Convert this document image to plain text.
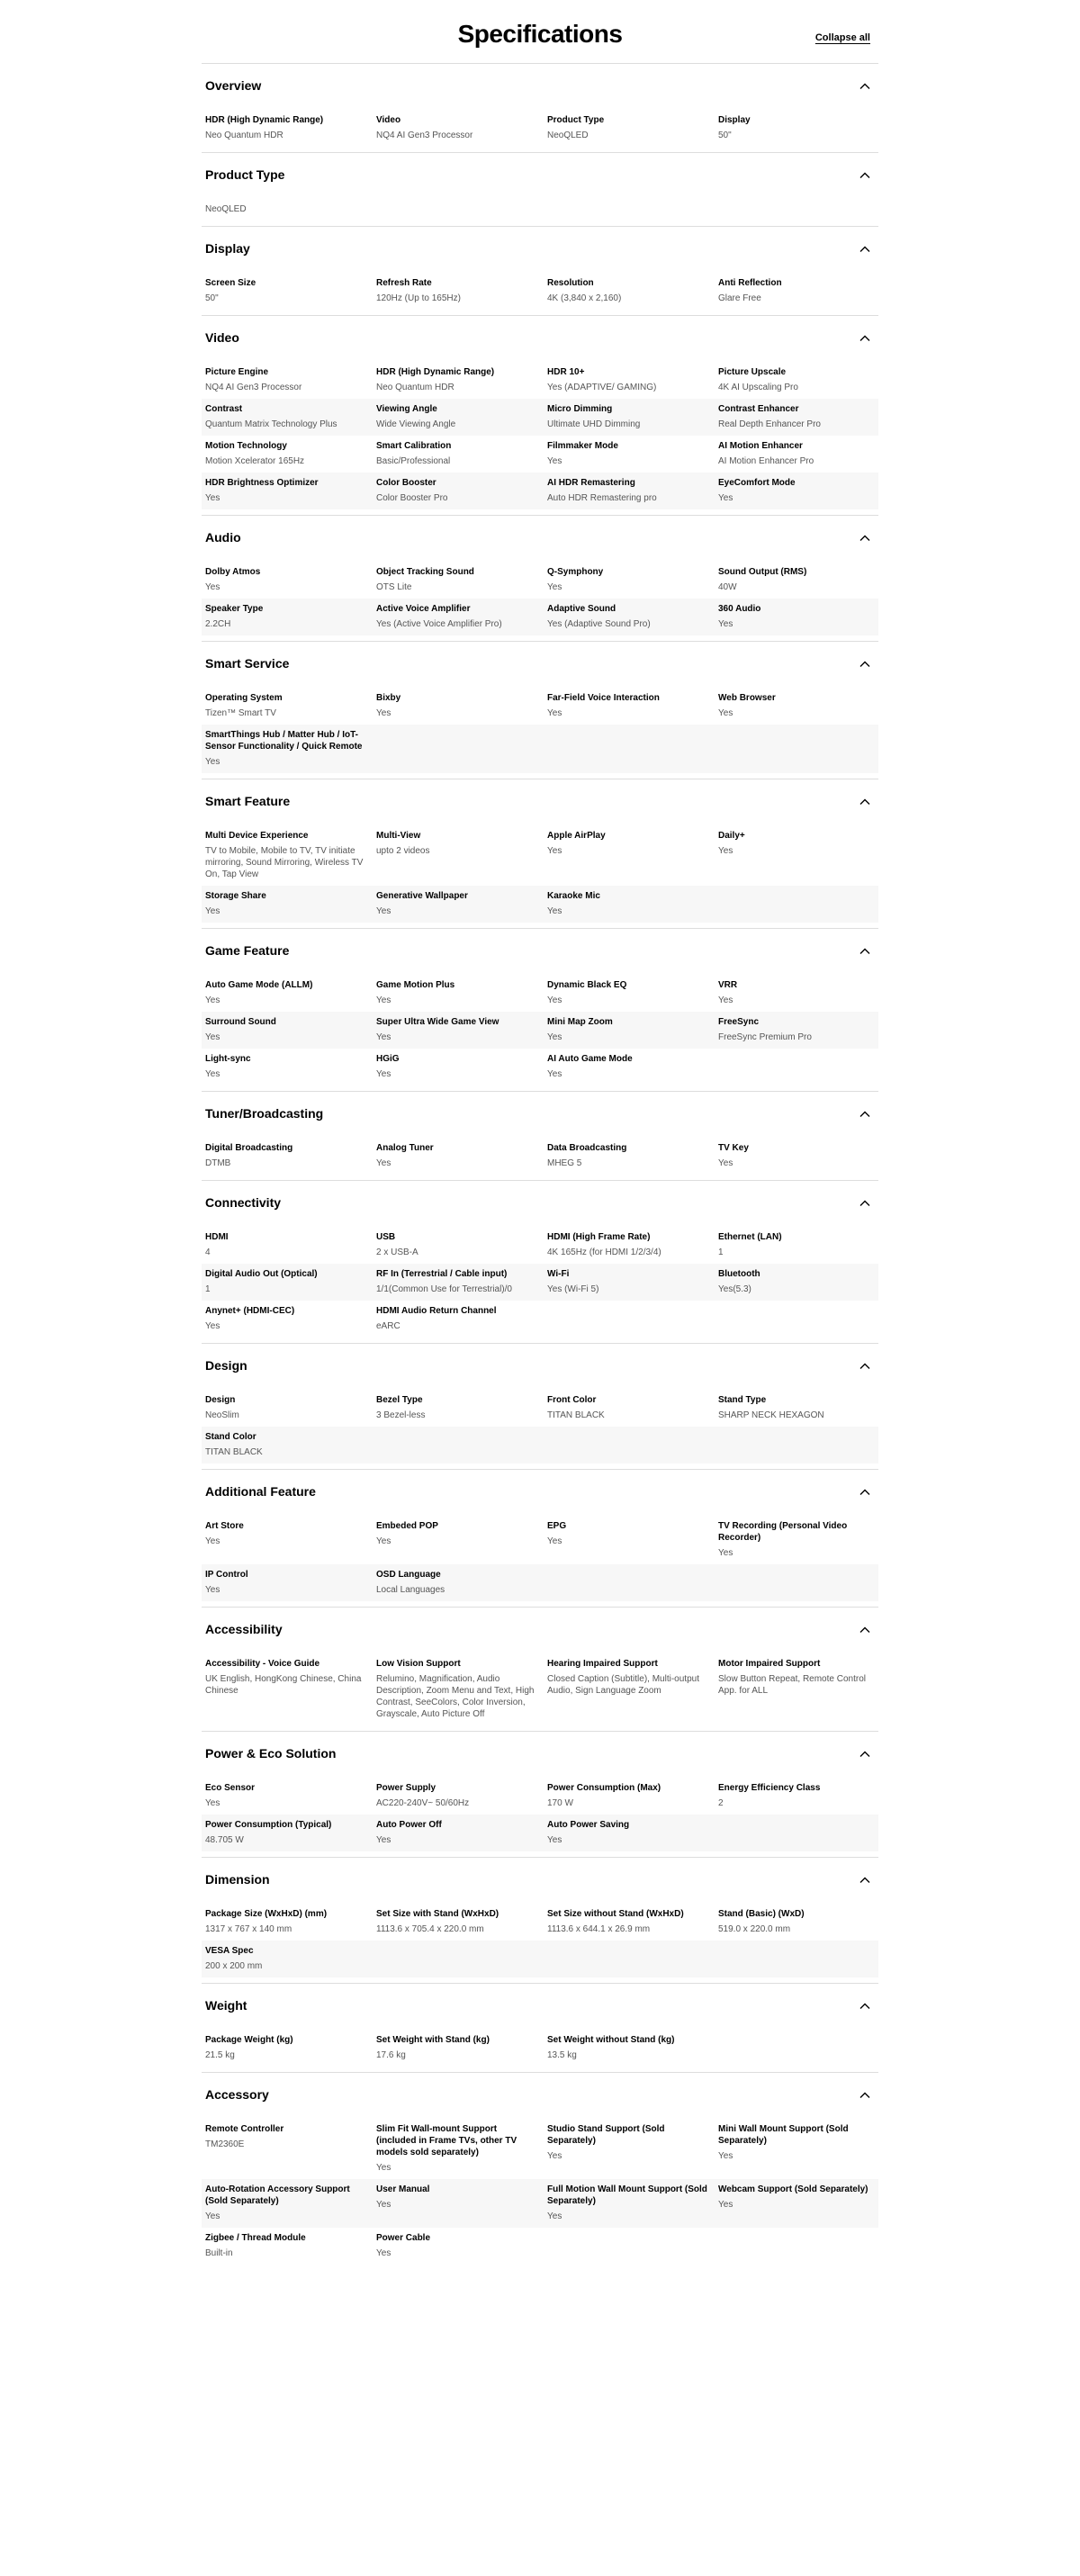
Specifications	Collapse all
Overview
HDR (High Dynamic Range)
Neo Quantum HDR
Video
NQ4 AI Gen3 Processor
Product Type
NeoQLED
Display
50"
Product Type
NeoQLED
Display
Screen Size
50"
Refresh Rate
120Hz (Up to 165Hz)
Resolution
4K (3,840 x 2,160)
Anti Reflection
Glare Free
Video
Picture Engine
NQ4 AI Gen3 Processor
HDR (High Dynamic Range)
Neo Quantum HDR
HDR 10+
Yes (ADAPTIVE/ GAMING)
Picture Upscale
4K AI Upscaling Pro
Contrast
Quantum Matrix Technology Plus
Viewing Angle
Wide Viewing Angle
Micro Dimming
Ultimate UHD Dimming
Contrast Enhancer
Real Depth Enhancer Pro
Motion Technology
Motion Xcelerator 165Hz
Smart Calibration
Basic/Professional
Filmmaker Mode
Yes
AI Motion Enhancer
AI Motion Enhancer Pro
HDR Brightness Optimizer
Yes
Color Booster
Color Booster Pro
AI HDR Remastering
Auto HDR Remastering pro
EyeComfort Mode
Yes
Audio
Dolby Atmos
Yes
Object Tracking Sound
OTS Lite
Q-Symphony
Yes
Sound Output (RMS)
40W
Speaker Type
2.2CH
Active Voice Amplifier
Yes (Active Voice Amplifier Pro)
Adaptive Sound
Yes (Adaptive Sound Pro)
360 Audio
Yes
Smart Service
Operating System
Tizen™ Smart TV
Bixby
Yes
Far-Field Voice Interaction
Yes
Web Browser
Yes
SmartThings Hub / Matter Hub / IoT-Sensor Functionality / Quick Remote
Yes
Smart Feature
Multi Device Experience
TV to Mobile, Mobile to TV, TV initiate mirroring, Sound Mirroring, Wireless TV On, Tap View
Multi-View
upto 2 videos
Apple AirPlay
Yes
Daily+
Yes
Storage Share
Yes
Generative Wallpaper
Yes
Karaoke Mic
Yes
Game Feature
Auto Game Mode (ALLM)
Yes
Game Motion Plus
Yes
Dynamic Black EQ
Yes
VRR
Yes
Surround Sound
Yes
Super Ultra Wide Game View
Yes
Mini Map Zoom
Yes
FreeSync
FreeSync Premium Pro
Light-sync
Yes
HGiG
Yes
AI Auto Game Mode
Yes
Tuner/Broadcasting
Digital Broadcasting
DTMB
Analog Tuner
Yes
Data Broadcasting
MHEG 5
TV Key
Yes
Connectivity
HDMI
4
USB
2 x USB-A
HDMI (High Frame Rate)
4K 165Hz (for HDMI 1/2/3/4)
Ethernet (LAN)
1
Digital Audio Out (Optical)
1
RF In (Terrestrial / Cable input)
1/1(Common Use for Terrestrial)/0
Wi-Fi
Yes (Wi-Fi 5)
Bluetooth
Yes(5.3)
Anynet+ (HDMI-CEC)
Yes
HDMI Audio Return Channel
eARC
Design
Design
NeoSlim
Bezel Type
3 Bezel-less
Front Color
TITAN BLACK
Stand Type
SHARP NECK HEXAGON
Stand Color
TITAN BLACK
Additional Feature
Art Store
Yes
Embeded POP
Yes
EPG
Yes
TV Recording (Personal Video Recorder)
Yes
IP Control
Yes
OSD Language
Local Languages
Accessibility
Accessibility - Voice Guide
UK English, HongKong Chinese, China Chinese
Low Vision Support
Relumino, Magnification, Audio Description, Zoom Menu and Text, High Contrast, SeeColors, Color Inversion, Grayscale, Auto Picture Off
Hearing Impaired Support
Closed Caption (Subtitle), Multi-output Audio, Sign Language Zoom
Motor Impaired Support
Slow Button Repeat, Remote Control App. for ALL
Power & Eco Solution
Eco Sensor
Yes
Power Supply
AC220-240V~ 50/60Hz
Power Consumption (Max)
170 W
Energy Efficiency Class
2
Power Consumption (Typical)
48.705 W
Auto Power Off
Yes
Auto Power Saving
Yes
Dimension
Package Size (WxHxD) (mm)
1317 x 767 x 140 mm
Set Size with Stand (WxHxD)
1113.6 x 705.4 x 220.0 mm
Set Size without Stand (WxHxD)
1113.6 x 644.1 x 26.9 mm
Stand (Basic) (WxD)
519.0 x 220.0 mm
VESA Spec
200 x 200 mm
Weight
Package Weight (kg)
21.5 kg
Set Weight with Stand (kg)
17.6 kg
Set Weight without Stand (kg)
13.5 kg
Accessory
Remote Controller
TM2360E
Slim Fit Wall-mount Support (included in Frame TVs, other TV models sold separately)
Yes
Studio Stand Support (Sold Separately)
Yes
Mini Wall Mount Support (Sold Separately)
Yes
Auto-Rotation Accessory Support (Sold Separately)
Yes
User Manual
Yes
Full Motion Wall Mount Support (Sold Separately)
Yes
Webcam Support (Sold Separately)
Yes
Zigbee / Thread Module
Built-in
Power Cable
Yes
